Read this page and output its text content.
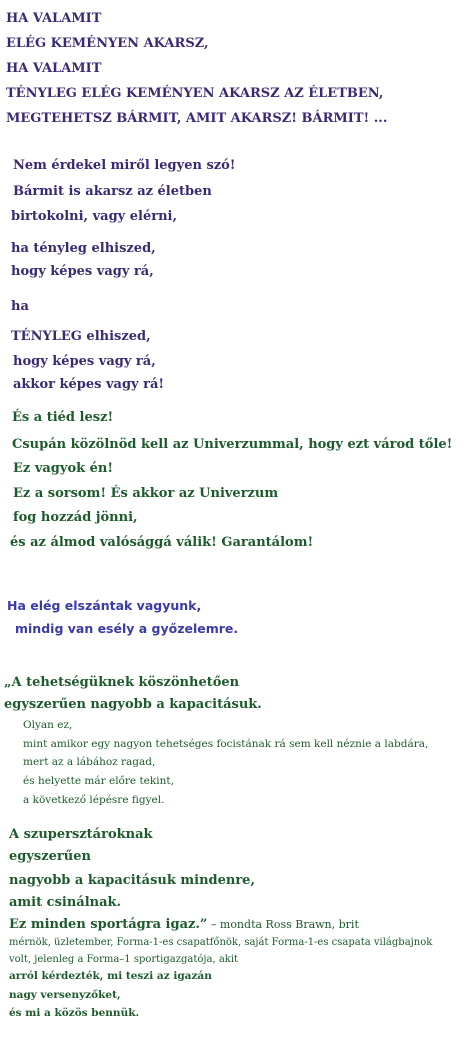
HA VALAMIT
ELÉG KEMÉNYEN AKARSZ,
HA VALAMIT
TÉNYLEG ELÉG KEMÉNYEN AKARSZ AZ ÉLETBEN,
MEGTEHETSZ BÁRMIT, AMIT AKARSZ! BÁRMIT! ...
Nem érdekel miről legyen szó!
Bármit is akarsz az életben
birtokolni, vagy elérni,
ha tényleg elhiszed,
hogy képes vagy rá,
ha
TÉNYLEG elhiszed,
hogy képes vagy rá,
akkor képes vagy rá!
És a tiéd lesz!
Csupán közölnöd kell az Univerzummal, hogy ezt várod tőle!
Ez vagyok én!
Ez a sorsom! És akkor az Univerzum
fog hozzád jönni,
és az álmod valósággá válik! Garantálom!
Ha elég elszántak vagyunk,
mindig van esély a győzelemre.
„A tehetségüknek köszönhetően
egyszerűen nagyobb a kapacitásuk.
Olyan ez,
mint amikor egy nagyon tehetséges focistának rá sem kell néznie a labdára,
mert az a lábához ragad,
és helyette már előre tekint,
a következő lépésre figyel.
A szupersztároknak
egyszerűen
nagyobb a kapacitásuk mindenre,
amit csinálnak.
Ez minden sportágra igaz.” – mondta Ross Brawn, brit
mérnök, üzletember, Forma-1-es csapatfőnök, saját Forma-1-es csapata világbajnok
volt, jelenleg a Forma–1 sportigazgatója, akit
arról kérdezték, mi teszi az igazán
nagy versenyzőket,
és mi a közös bennük.
